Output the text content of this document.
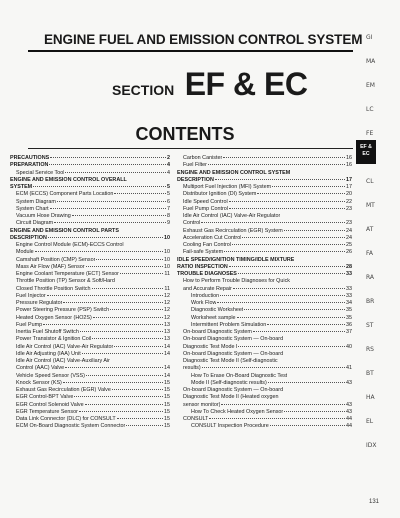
ENGINE FUEL AND EMISSION CONTROL SYSTEM
SECTION EF & EC
CONTENTS
EF &
EC
GI
MA
EM
LC
FE
CL
MT
AT
FA
RA
BR
ST
RS
BT
HA
EL
IDX
PRECAUTIONS	2
PREPARATION	4
Special Service Tool	4
ENGINE AND EMISSION CONTROL OVERALL
SYSTEM	5
ECM (ECCS) Component Parts Location	5
System Diagram	6
System Chart	7
Vacuum Hose Drawing	8
Circuit Diagram	9
ENGINE AND EMISSION CONTROL PARTS
DESCRIPTION	10
Engine Control Module (ECM)-ECCS Control
Module	10
Camshaft Position (CMP) Sensor	10
Mass Air Flow (MAF) Sensor	10
Engine Coolant Temperature (ECT) Sensor	11
Throttle Position (TP) Sensor & Soft/Hard
Closed Throttle Position Switch	11
Fuel Injector	12
Pressure Regulator	12
Power Steering Pressure (PSP) Switch	12
Heated Oxygen Sensor (HO2S)	12
Fuel Pump	13
Inertia Fuel Shutoff Switch	13
Power Transistor & Ignition Coil	13
Idle Air Control (IAC) Valve-Air Regulator	14
Idle Air Adjusting (IAA) Unit	14
Idle Air Control (IAC) Valve-Auxiliary Air
Control (AAC) Valve	14
Vehicle Speed Sensor (VSS)	14
Knock Sensor (KS)	15
Exhaust Gas Recirculation (EGR) Valve	15
EGR Control-BPT Valve	15
EGR Control Solenoid Valve	15
EGR Temperature Sensor	15
Data Link Connector (DLC) for CONSULT	15
ECM On-Board Diagnostic System Connector	15
Carbon Canister	16
Fuel Filter	16
ENGINE AND EMISSION CONTROL SYSTEM
DESCRIPTION	17
Multiport Fuel Injection (MFI) System	17
Distributor Ignition (DI) System	20
Idle Speed Control	22
Fuel Pump Control	23
Idle Air Control (IAC) Valve-Air Regulator
Control	23
Exhaust Gas Recirculation (EGR) System	24
Acceleration Cut Control	24
Cooling Fan Control	25
Fail-safe System	26
IDLE SPEED/IGNITION TIMING/IDLE MIXTURE
RATIO INSPECTION	28
TROUBLE DIAGNOSES	33
How to Perform Trouble Diagnoses for Quick
and Accurate Repair	33
Introduction	33
Work Flow	34
Diagnostic Worksheet	35
Worksheet sample	35
Intermittent Problem Simulation	36
On-board Diagnostic System	37
On-board Diagnostic System — On-board
Diagnostic Test Mode I	40
On-board Diagnostic System — On-board
Diagnostic Test Mode II (Self-diagnostic
results)	41
How To Erase On-Board Diagnostic Test
Mode II (Self-diagnostic results)	43
On-board Diagnostic System — On-board
Diagnostic Test Mode II (Heated oxygen
sensor monitor)	43
How To Check Heated Oxygen Sensor	43
CONSULT	44
CONSULT Inspection Procedure	44
131
